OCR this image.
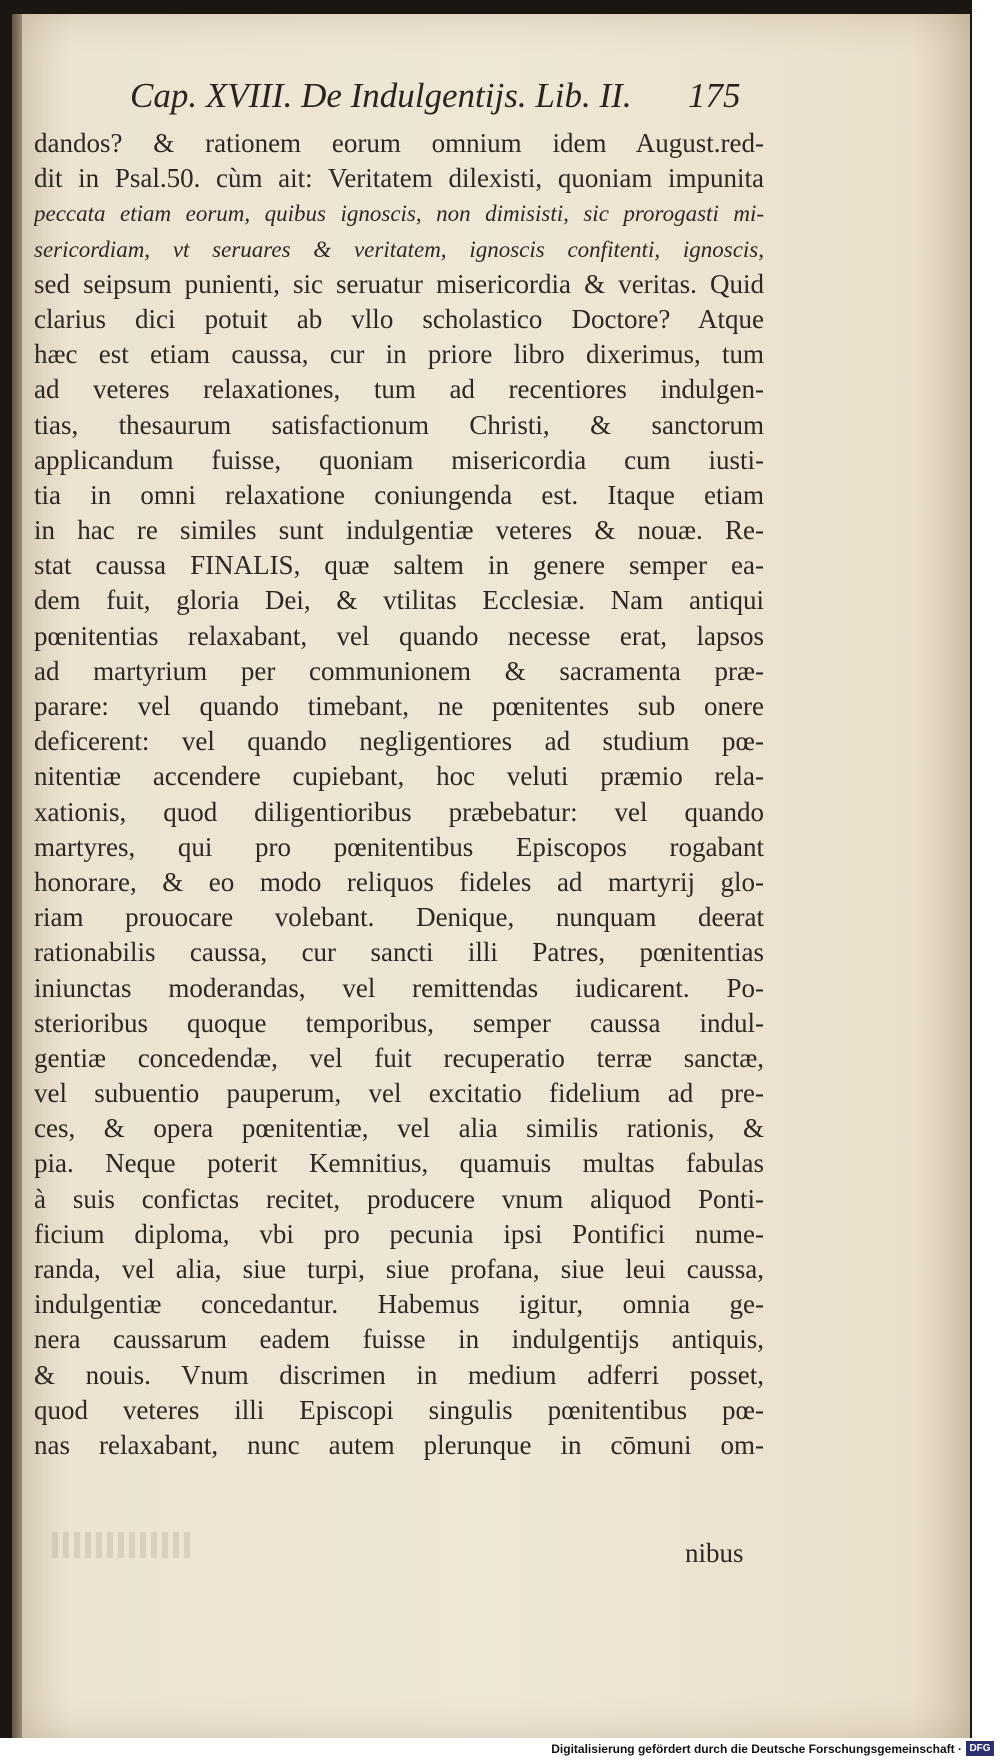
Cap. XVIII. De Indulgentijs. Lib. II. 175
dandos? & rationem eorum omnium idem August.red-
dit in Psal.50. cùm ait: Veritatem dilexisti, quoniam impunita
peccata etiam eorum, quibus ignoscis, non dimisisti, sic prorogasti mi-
sericordiam, vt seruares & veritatem, ignoscis confitenti, ignoscis,
sed seipsum punienti, sic seruatur misericordia & veritas. Quid
clarius dici potuit ab vllo scholastico Doctore? Atque
hæc est etiam caussa, cur in priore libro dixerimus, tum
ad veteres relaxationes, tum ad recentiores indulgen-
tias, thesaurum satisfactionum Christi, & sanctorum
applicandum fuisse, quoniam misericordia cum iusti-
tia in omni relaxatione coniungenda est. Itaque etiam
in hac re similes sunt indulgentiæ veteres & nouæ. Re-
stat caussa FINALIS, quæ saltem in genere semper ea-
dem fuit, gloria Dei, & vtilitas Ecclesiæ. Nam antiqui
pœnitentias relaxabant, vel quando necesse erat, lapsos
ad martyrium per communionem & sacramenta præ-
parare: vel quando timebant, ne pœnitentes sub onere
deficerent: vel quando negligentiores ad studium pœ-
nitentiæ accendere cupiebant, hoc veluti præmio rela-
xationis, quod diligentioribus præbebatur: vel quando
martyres, qui pro pœnitentibus Episcopos rogabant
honorare, & eo modo reliquos fideles ad martyrij glo-
riam prouocare volebant. Denique, nunquam deerat
rationabilis caussa, cur sancti illi Patres, pœnitentias
iniunctas moderandas, vel remittendas iudicarent. Po-
sterioribus quoque temporibus, semper caussa indul-
gentiæ concedendæ, vel fuit recuperatio terræ sanctæ,
vel subuentio pauperum, vel excitatio fidelium ad pre-
ces, & opera pœnitentiæ, vel alia similis rationis, &
pia. Neque poterit Kemnitius, quamuis multas fabulas
à suis confictas recitet, producere vnum aliquod Ponti-
ficium diploma, vbi pro pecunia ipsi Pontifici nume-
randa, vel alia, siue turpi, siue profana, siue leui caussa,
indulgentiæ concedantur. Habemus igitur, omnia ge-
nera caussarum eadem fuisse in indulgentijs antiquis,
& nouis. Vnum discrimen in medium adferri posset,
quod veteres illi Episcopi singulis pœnitentibus pœ-
nas relaxabant, nunc autem plerunque in cōmuni om-
nibus
Digitalisierung gefördert durch die Deutsche Forschungsgemeinschaft · DFG
